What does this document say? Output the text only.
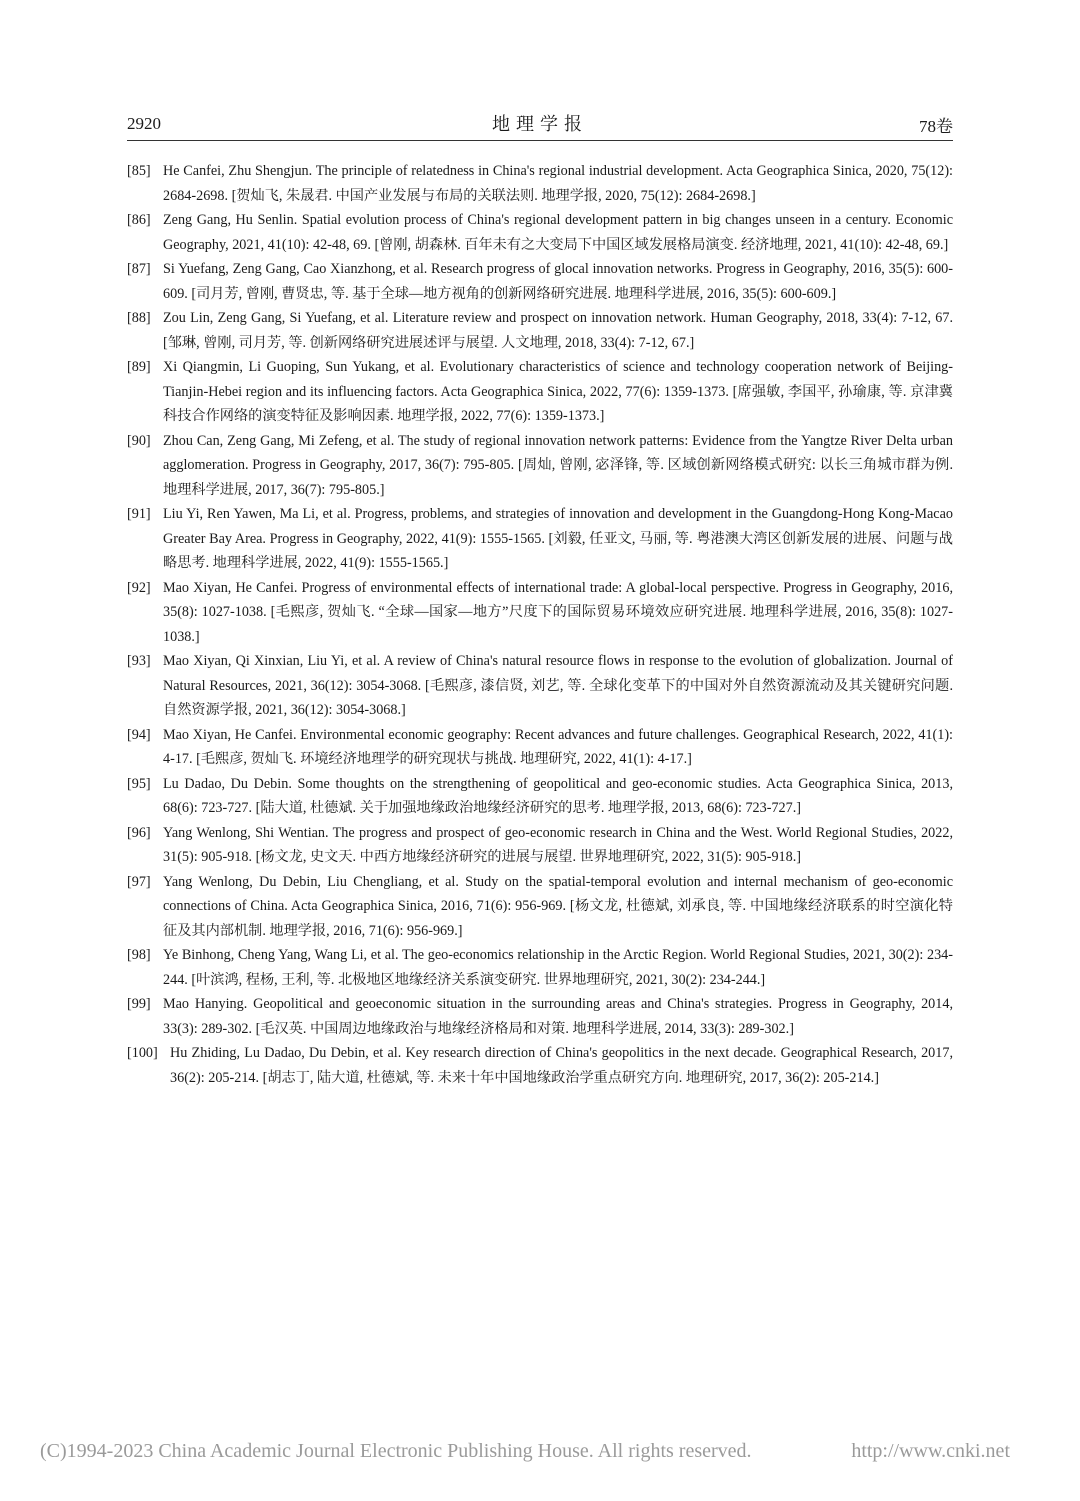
2920	地理学报	78卷
[85] He Canfei, Zhu Shengjun. The principle of relatedness in China's regional industrial development. Acta Geographica Sinica, 2020, 75(12): 2684-2698. [贺灿飞, 朱晟君. 中国产业发展与布局的关联法则. 地理学报, 2020, 75(12): 2684-2698.]
[86] Zeng Gang, Hu Senlin. Spatial evolution process of China's regional development pattern in big changes unseen in a century. Economic Geography, 2021, 41(10): 42-48, 69. [曾刚, 胡森林. 百年未有之大变局下中国区域发展格局演变. 经济地理, 2021, 41(10): 42-48, 69.]
[87] Si Yuefang, Zeng Gang, Cao Xianzhong, et al. Research progress of glocal innovation networks. Progress in Geography, 2016, 35(5): 600-609. [司月芳, 曾刚, 曹贤忠, 等. 基于全球—地方视角的创新网络研究进展. 地理科学进展, 2016, 35(5): 600-609.]
[88] Zou Lin, Zeng Gang, Si Yuefang, et al. Literature review and prospect on innovation network. Human Geography, 2018, 33(4): 7-12, 67. [邹琳, 曾刚, 司月芳, 等. 创新网络研究进展述评与展望. 人文地理, 2018, 33(4): 7-12, 67.]
[89] Xi Qiangmin, Li Guoping, Sun Yukang, et al. Evolutionary characteristics of science and technology cooperation network of Beijing-Tianjin-Hebei region and its influencing factors. Acta Geographica Sinica, 2022, 77(6): 1359-1373. [席强敏, 李国平, 孙瑜康, 等. 京津冀科技合作网络的演变特征及影响因素. 地理学报, 2022, 77(6): 1359-1373.]
[90] Zhou Can, Zeng Gang, Mi Zefeng, et al. The study of regional innovation network patterns: Evidence from the Yangtze River Delta urban agglomeration. Progress in Geography, 2017, 36(7): 795-805. [周灿, 曾刚, 宓泽锋, 等. 区域创新网络模式研究: 以长三角城市群为例. 地理科学进展, 2017, 36(7): 795-805.]
[91] Liu Yi, Ren Yawen, Ma Li, et al. Progress, problems, and strategies of innovation and development in the Guangdong-Hong Kong-Macao Greater Bay Area. Progress in Geography, 2022, 41(9): 1555-1565. [刘毅, 任亚文, 马丽, 等. 粤港澳大湾区创新发展的进展、问题与战略思考. 地理科学进展, 2022, 41(9): 1555-1565.]
[92] Mao Xiyan, He Canfei. Progress of environmental effects of international trade: A global-local perspective. Progress in Geography, 2016, 35(8): 1027-1038. [毛熙彦, 贺灿飞. “全球—国家—地方”尺度下的国际贸易环境效应研究进展. 地理科学进展, 2016, 35(8): 1027-1038.]
[93] Mao Xiyan, Qi Xinxian, Liu Yi, et al. A review of China's natural resource flows in response to the evolution of globalization. Journal of Natural Resources, 2021, 36(12): 3054-3068. [毛熙彦, 漆信贤, 刘艺, 等. 全球化变革下的中国对外自然资源流动及其关键研究问题. 自然资源学报, 2021, 36(12): 3054-3068.]
[94] Mao Xiyan, He Canfei. Environmental economic geography: Recent advances and future challenges. Geographical Research, 2022, 41(1): 4-17. [毛熙彦, 贺灿飞. 环境经济地理学的研究现状与挑战. 地理研究, 2022, 41(1): 4-17.]
[95] Lu Dadao, Du Debin. Some thoughts on the strengthening of geopolitical and geo-economic studies. Acta Geographica Sinica, 2013, 68(6): 723-727. [陆大道, 杜德斌. 关于加强地缘政治地缘经济研究的思考. 地理学报, 2013, 68(6): 723-727.]
[96] Yang Wenlong, Shi Wentian. The progress and prospect of geo-economic research in China and the West. World Regional Studies, 2022, 31(5): 905-918. [杨文龙, 史文天. 中西方地缘经济研究的进展与展望. 世界地理研究, 2022, 31(5): 905-918.]
[97] Yang Wenlong, Du Debin, Liu Chengliang, et al. Study on the spatial-temporal evolution and internal mechanism of geo-economic connections of China. Acta Geographica Sinica, 2016, 71(6): 956-969. [杨文龙, 杜德斌, 刘承良, 等. 中国地缘经济联系的时空演化特征及其内部机制. 地理学报, 2016, 71(6): 956-969.]
[98] Ye Binhong, Cheng Yang, Wang Li, et al. The geo-economics relationship in the Arctic Region. World Regional Studies, 2021, 30(2): 234-244. [叶滨鸿, 程杨, 王利, 等. 北极地区地缘经济关系演变研究. 世界地理研究, 2021, 30(2): 234-244.]
[99] Mao Hanying. Geopolitical and geoeconomic situation in the surrounding areas and China's strategies. Progress in Geography, 2014, 33(3): 289-302. [毛汉英. 中国周边地缘政治与地缘经济格局和对策. 地理科学进展, 2014, 33(3): 289-302.]
[100] Hu Zhiding, Lu Dadao, Du Debin, et al. Key research direction of China's geopolitics in the next decade. Geographical Research, 2017, 36(2): 205-214. [胡志丁, 陆大道, 杜德斌, 等. 未来十年中国地缘政治学重点研究方向. 地理研究, 2017, 36(2): 205-214.]
(C)1994-2023 China Academic Journal Electronic Publishing House. All rights reserved.	http://www.cnki.net
